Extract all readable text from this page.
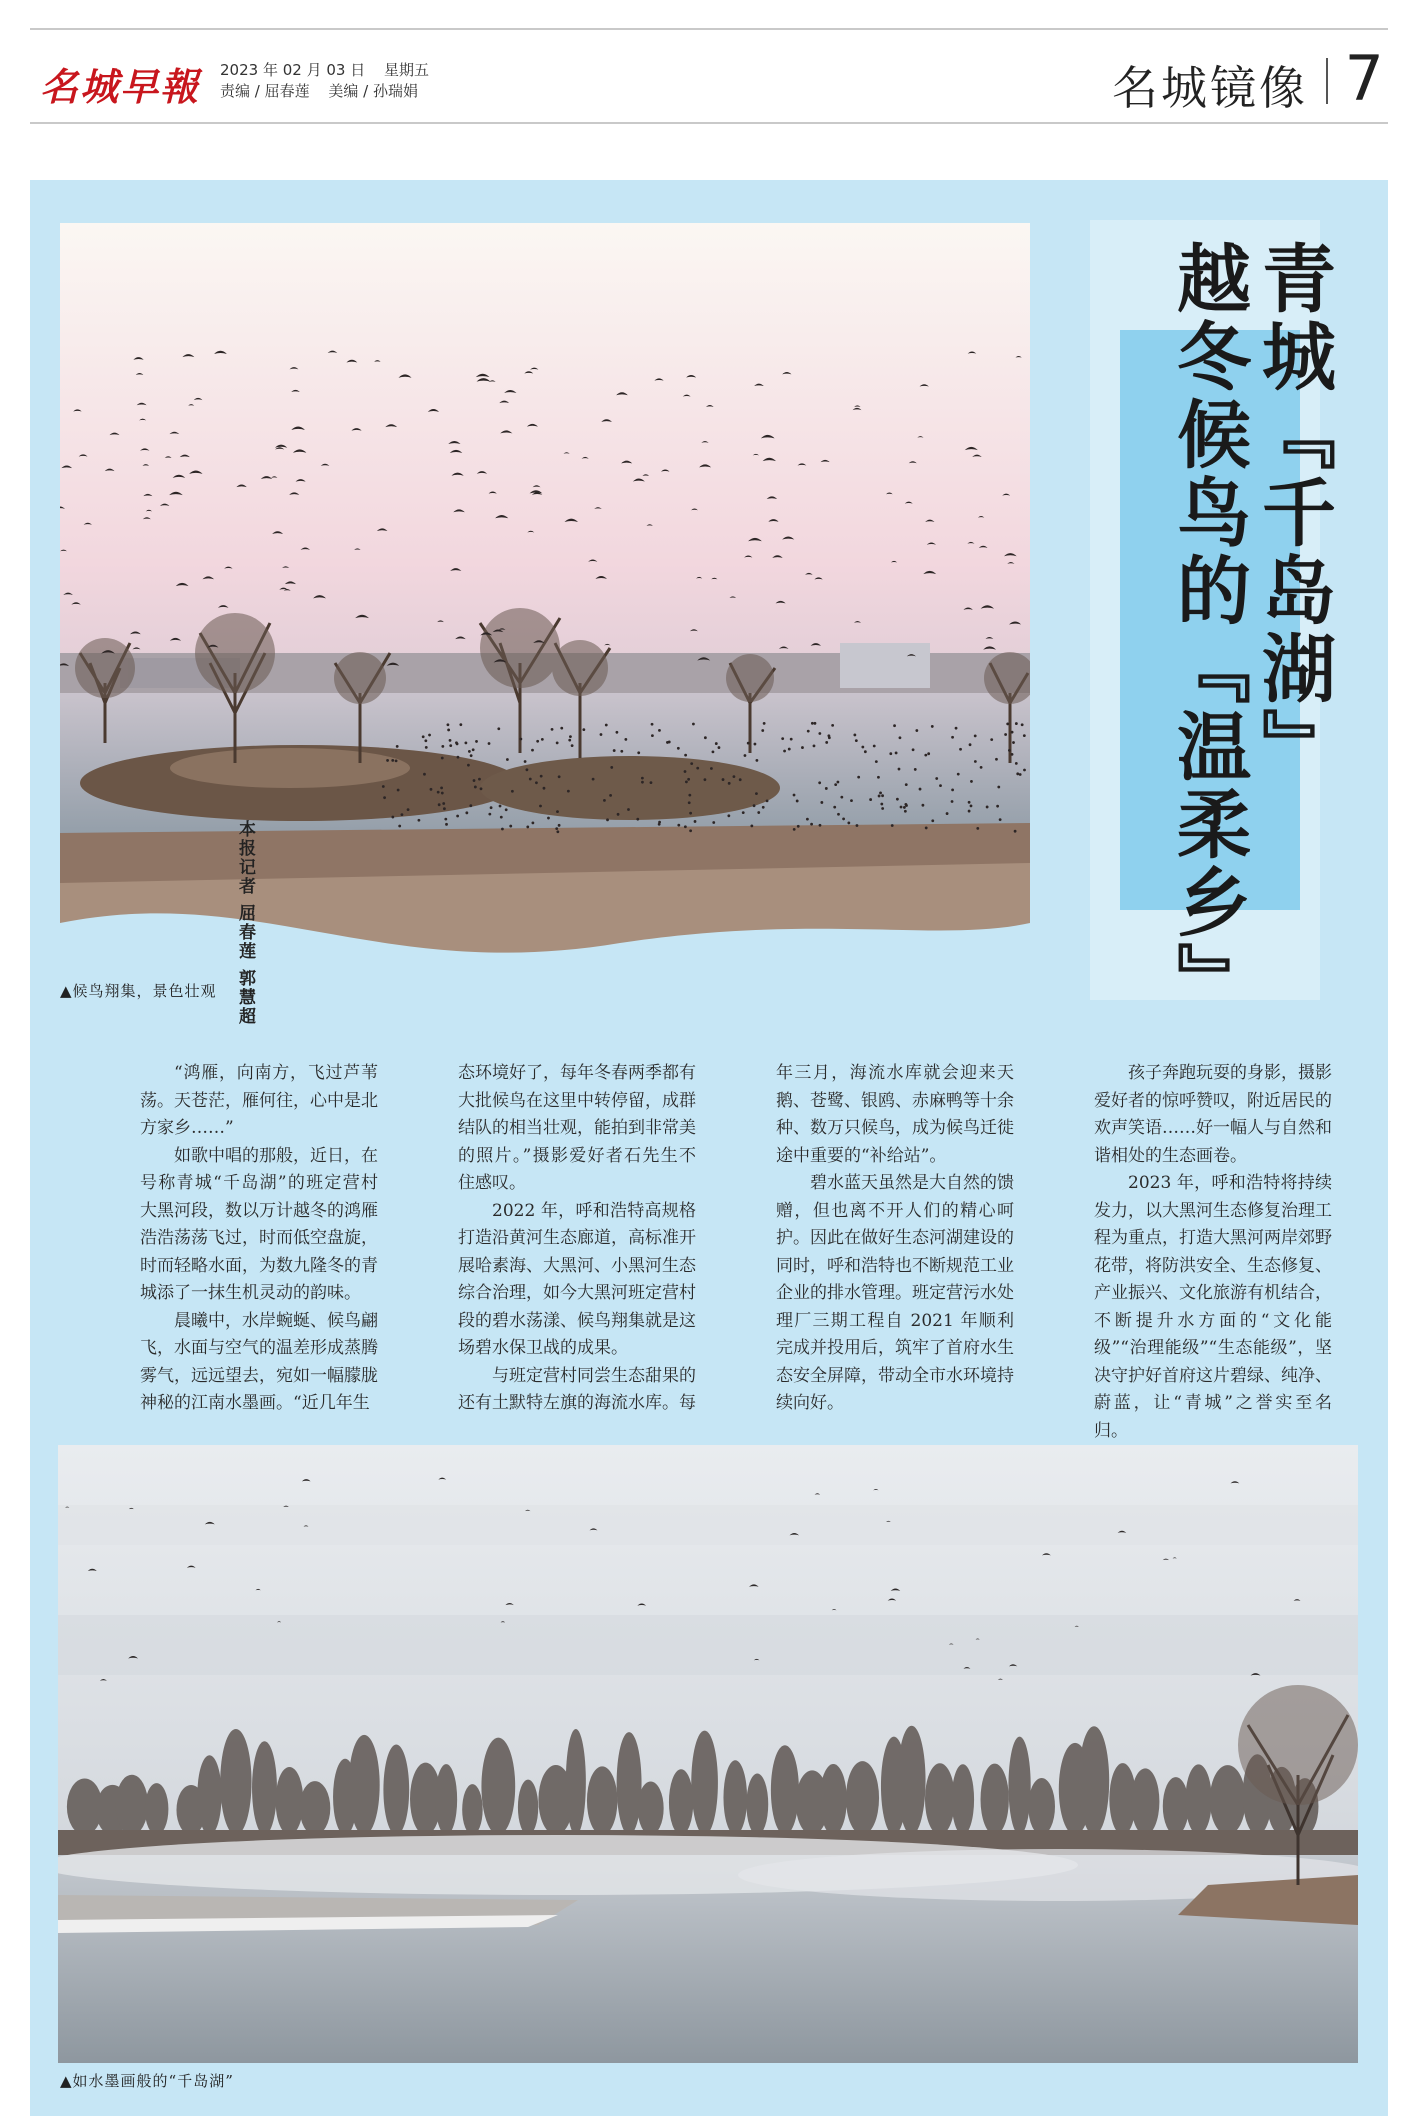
名城早報 2023 年 02 月 03 日 星期五
责编 / 屈春莲 美编 / 孙瑞娟	名城镜像 7
▲候鸟翔集，景色壮观
青城『千岛湖』
越冬候鸟的『温柔乡』
本报记者 屈春莲 郭慧超

“鸿雁，向南方，飞过芦苇荡。天苍茫，雁何往，心中是北方家乡……”

如歌中唱的那般，近日，在号称青城“千岛湖”的班定营村大黑河段，数以万计越冬的鸿雁浩浩荡荡飞过，时而低空盘旋，时而轻略水面，为数九隆冬的青城添了一抹生机灵动的韵味。

晨曦中，水岸蜿蜒、候鸟翩飞，水面与空气的温差形成蒸腾雾气，远远望去，宛如一幅朦胧神秘的江南水墨画。“近几年生

态环境好了，每年冬春两季都有大批候鸟在这里中转停留，成群结队的相当壮观，能拍到非常美的照片。”摄影爱好者石先生不住感叹。

2022 年，呼和浩特高规格打造沿黄河生态廊道，高标准开展哈素海、大黑河、小黑河生态综合治理，如今大黑河班定营村段的碧水荡漾、候鸟翔集就是这场碧水保卫战的成果。

与班定营村同尝生态甜果的还有土默特左旗的海流水库。每

年三月，海流水库就会迎来天鹅、苍鹭、银鸥、赤麻鸭等十余种、数万只候鸟，成为候鸟迁徙途中重要的“补给站”。

碧水蓝天虽然是大自然的馈赠，但也离不开人们的精心呵护。因此在做好生态河湖建设的同时，呼和浩特也不断规范工业企业的排水管理。班定营污水处理厂三期工程自 2021 年顺利完成并投用后，筑牢了首府水生态安全屏障，带动全市水环境持续向好。

孩子奔跑玩耍的身影，摄影爱好者的惊呼赞叹，附近居民的欢声笑语……好一幅人与自然和谐相处的生态画卷。

2023 年，呼和浩特将持续发力，以大黑河生态修复治理工程为重点，打造大黑河两岸郊野花带，将防洪安全、生态修复、产业振兴、文化旅游有机结合，不断提升水方面的“文化能级”“治理能级”“生态能级”，坚决守护好首府这片碧绿、纯净、蔚蓝，让“青城”之誉实至名归。

▲如水墨画般的“千岛湖”
